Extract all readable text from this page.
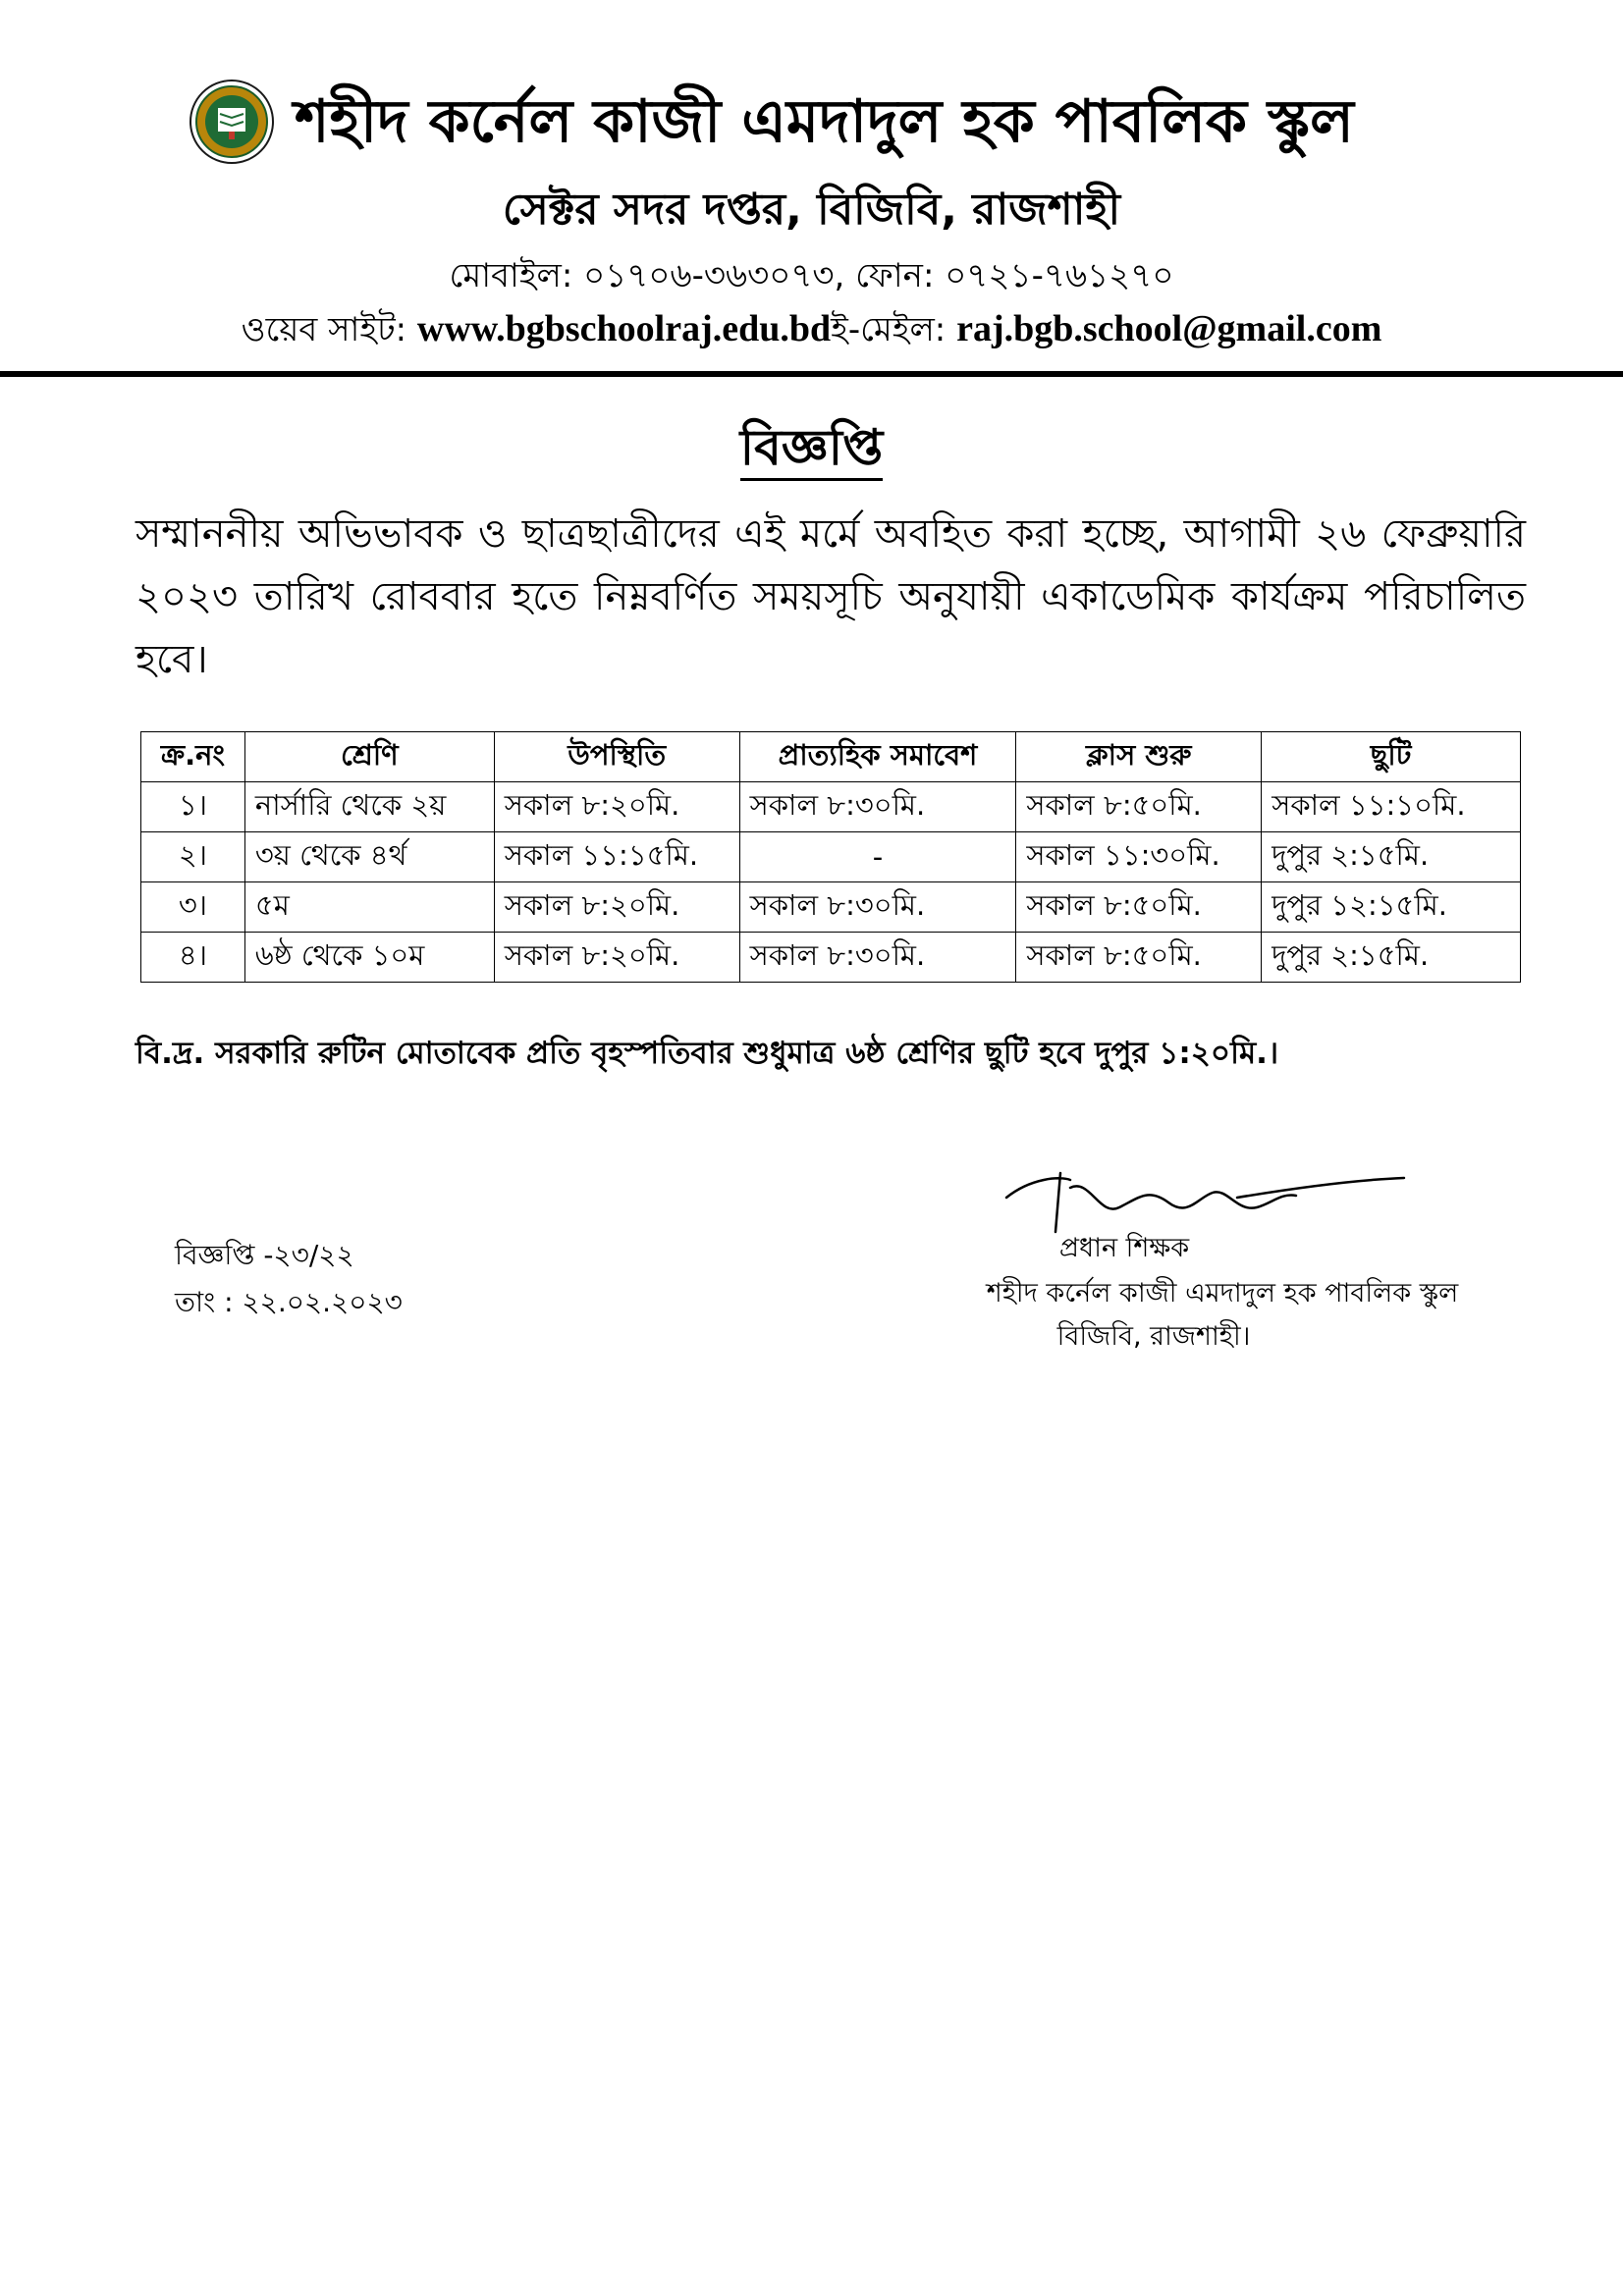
শহীদ কর্নেল কাজী এমদাদুল হক পাবলিক স্কুল
সেক্টর সদর দপ্তর, বিজিবি, রাজশাহী
মোবাইল: ০১৭০৬-৩৬৩০৭৩, ফোন: ০৭২১-৭৬১২৭০
ওয়েব সাইট: www.bgbschoolraj.edu.bdই-মেইল: raj.bgb.school@gmail.com
বিজ্ঞপ্তি
সম্মাননীয় অভিভাবক ও ছাত্রছাত্রীদের এই মর্মে অবহিত করা হচ্ছে, আগামী ২৬ ফেব্রুয়ারি ২০২৩ তারিখ রোববার হতে নিম্নবর্ণিত সময়সূচি অনুযায়ী একাডেমিক কার্যক্রম পরিচালিত হবে।
ক্র.নং	শ্রেণি	উপস্থিতি	প্রাত্যহিক সমাবেশ	ক্লাস শুরু	ছুটি
১।	নার্সারি থেকে ২য়	সকাল ৮:২০মি.	সকাল ৮:৩০মি.	সকাল ৮:৫০মি.	সকাল ১১:১০মি.
২।	৩য় থেকে ৪র্থ	সকাল ১১:১৫মি.	-	সকাল ১১:৩০মি.	দুপুর ২:১৫মি.
৩।	৫ম	সকাল ৮:২০মি.	সকাল ৮:৩০মি.	সকাল ৮:৫০মি.	দুপুর ১২:১৫মি.
৪।	৬ষ্ঠ থেকে ১০ম	সকাল ৮:২০মি.	সকাল ৮:৩০মি.	সকাল ৮:৫০মি.	দুপুর ২:১৫মি.
বি.দ্র. সরকারি রুটিন মোতাবেক প্রতি বৃহস্পতিবার শুধুমাত্র ৬ষ্ঠ শ্রেণির ছুটি হবে দুপুর ১:২০মি.।
প্রধান শিক্ষক
শহীদ কর্নেল কাজী এমদাদুল হক পাবলিক স্কুল
বিজিবি, রাজশাহী।
বিজ্ঞপ্তি -২৩/২২
তাং : ২২.০২.২০২৩
